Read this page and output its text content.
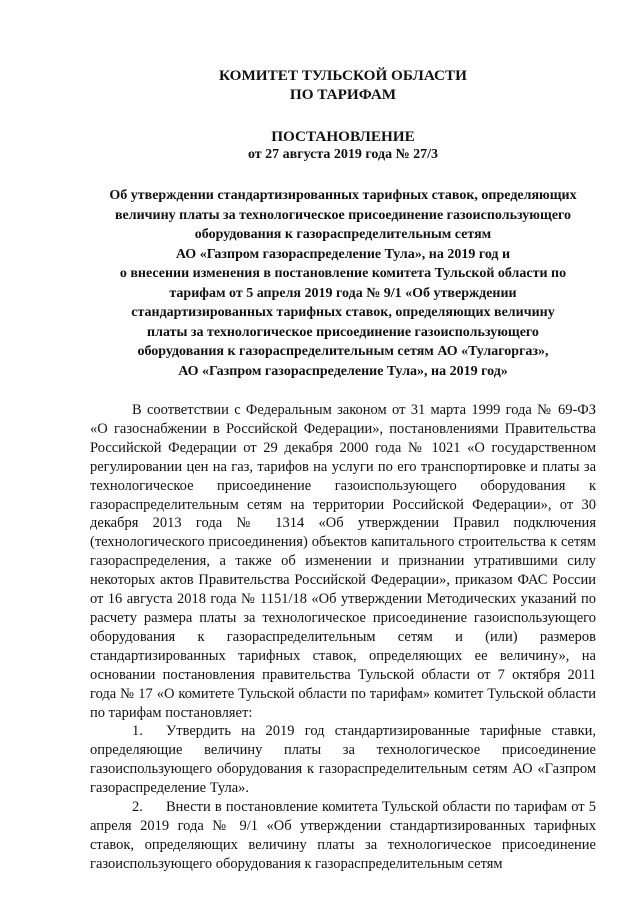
КОМИТЕТ ТУЛЬСКОЙ ОБЛАСТИ
ПО ТАРИФАМ
ПОСТАНОВЛЕНИЕ
от 27 августа 2019 года № 27/3
Об утверждении стандартизированных тарифных ставок, определяющих
величину платы за технологическое присоединение газоиспользующего
оборудования к газораспределительным сетям
АО «Газпром газораспределение Тула», на 2019 год и
о внесении изменения в постановление комитета Тульской области по
тарифам от 5 апреля 2019 года № 9/1 «Об утверждении
стандартизированных тарифных ставок, определяющих величину
платы за технологическое присоединение газоиспользующего
оборудования к газораспределительным сетям АО «Тулагоргаз»,
АО «Газпром газораспределение Тула», на 2019 год»

В соответствии с Федеральным законом от 31 марта 1999 года № 69-ФЗ «О газоснабжении в Российской Федерации», постановлениями Правительства Российской Федерации от 29 декабря 2000 года № 1021 «О государственном регулировании цен на газ, тарифов на услуги по его транспортировке и платы за технологическое присоединение газоиспользующего оборудования к газораспределительным сетям на территории Российской Федерации», от 30 декабря 2013 года № 1314 «Об утверждении Правил подключения (технологического присоединения) объектов капитального строительства к сетям газораспределения, а также об изменении и признании утратившими силу некоторых актов Правительства Российской Федерации», приказом ФАС России от 16 августа 2018 года № 1151/18 «Об утверждении Методических указаний по расчету размера платы за технологическое присоединение газоиспользующего оборудования к газораспределительным сетям и (или) размеров стандартизированных тарифных ставок, определяющих ее величину», на основании постановления правительства Тульской области от 7 октября 2011 года № 17 «О комитете Тульской области по тарифам» комитет Тульской области по тарифам постановляет:

1. Утвердить на 2019 год стандартизированные тарифные ставки, определяющие величину платы за технологическое присоединение газоиспользующего оборудования к газораспределительным сетям АО «Газпром газораспределение Тула».

2. Внести в постановление комитета Тульской области по тарифам от 5 апреля 2019 года № 9/1 «Об утверждении стандартизированных тарифных ставок, определяющих величину платы за технологическое присоединение газоиспользующего оборудования к газораспределительным сетям
